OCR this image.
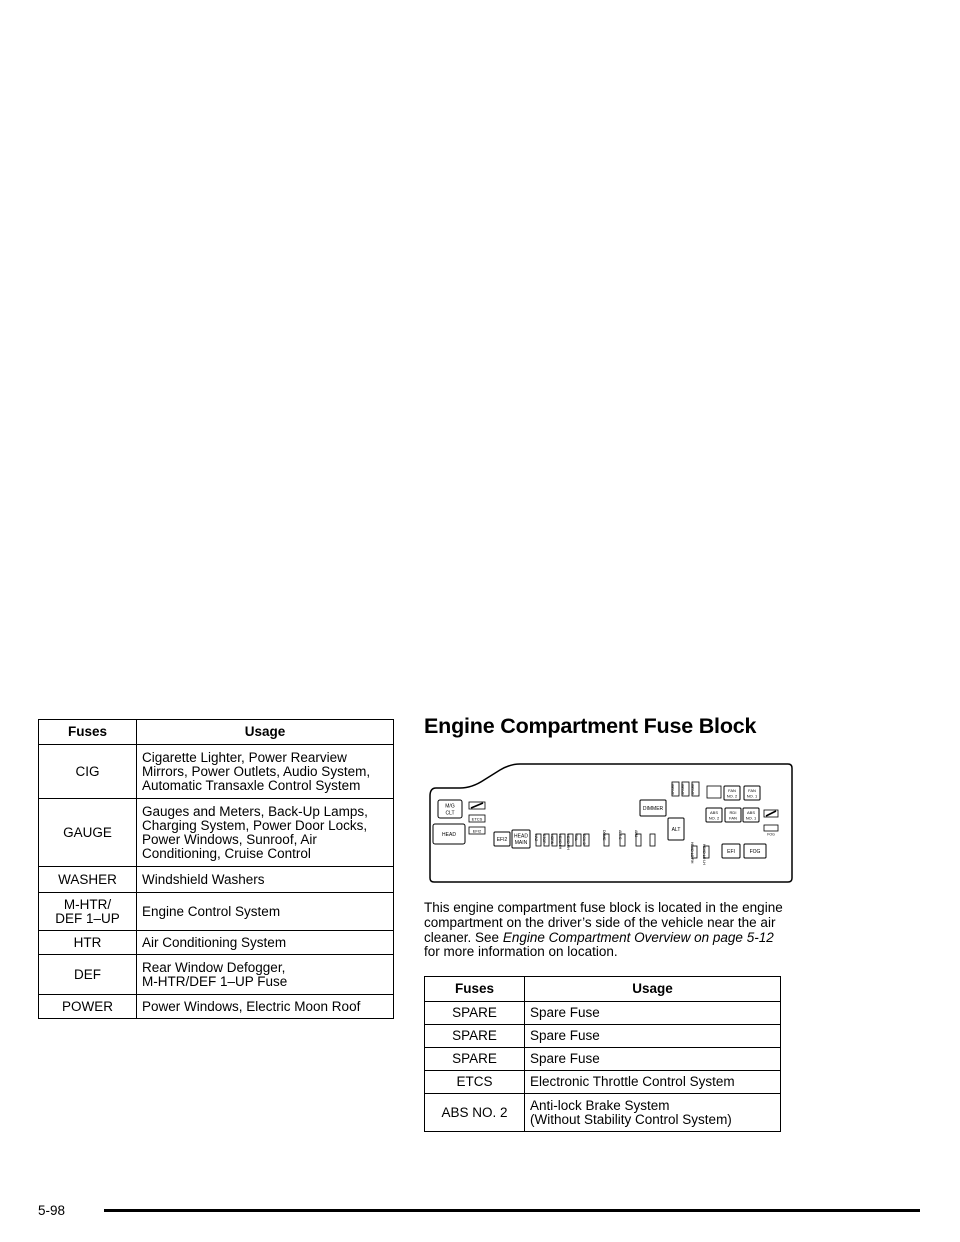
Fuses	Usage
CIG	Cigarette Lighter, Power Rearview
Mirrors, Power Outlets, Audio System,
Automatic Transaxle Control System
GAUGE	Gauges and Meters, Back-Up Lamps,
Charging System, Power Door Locks,
Power Windows, Sunroof, Air
Conditioning, Cruise Control
WASHER	Windshield Washers
M-HTR/
DEF 1–UP	Engine Control System
HTR	Air Conditioning System
DEF	Rear Window Defogger,
M-HTR/DEF 1–UP Fuse
POWER	Power Windows, Electric Moon Roof
Engine Compartment Fuse Block
M/G
CLT
HEAD
ETCS
EFI2
EFI2
HEAD
MAIN
HAZ STOP HORN HEAD LH HEAD RH TAIL ECU-B	DOME	ALT-S	AM2
DIMMER
ALT
SPARE SPARE SPARE	FAN
NO. 2
FAN
NO. 1
ABS
NO. 2
RDI
FAN
ABS
NO. 1
FOG
HEAD LO RH HEAD LO LH	EFI	FOG

This engine compartment fuse block is located in the engine compartment on the driver’s side of the vehicle near the air cleaner. See Engine Compartment Overview on page 5-12 for more information on location.

Fuses	Usage
SPARE	Spare Fuse
SPARE	Spare Fuse
SPARE	Spare Fuse
ETCS	Electronic Throttle Control System
ABS NO. 2	Anti-lock Brake System
(Without Stability Control System)
5-98
